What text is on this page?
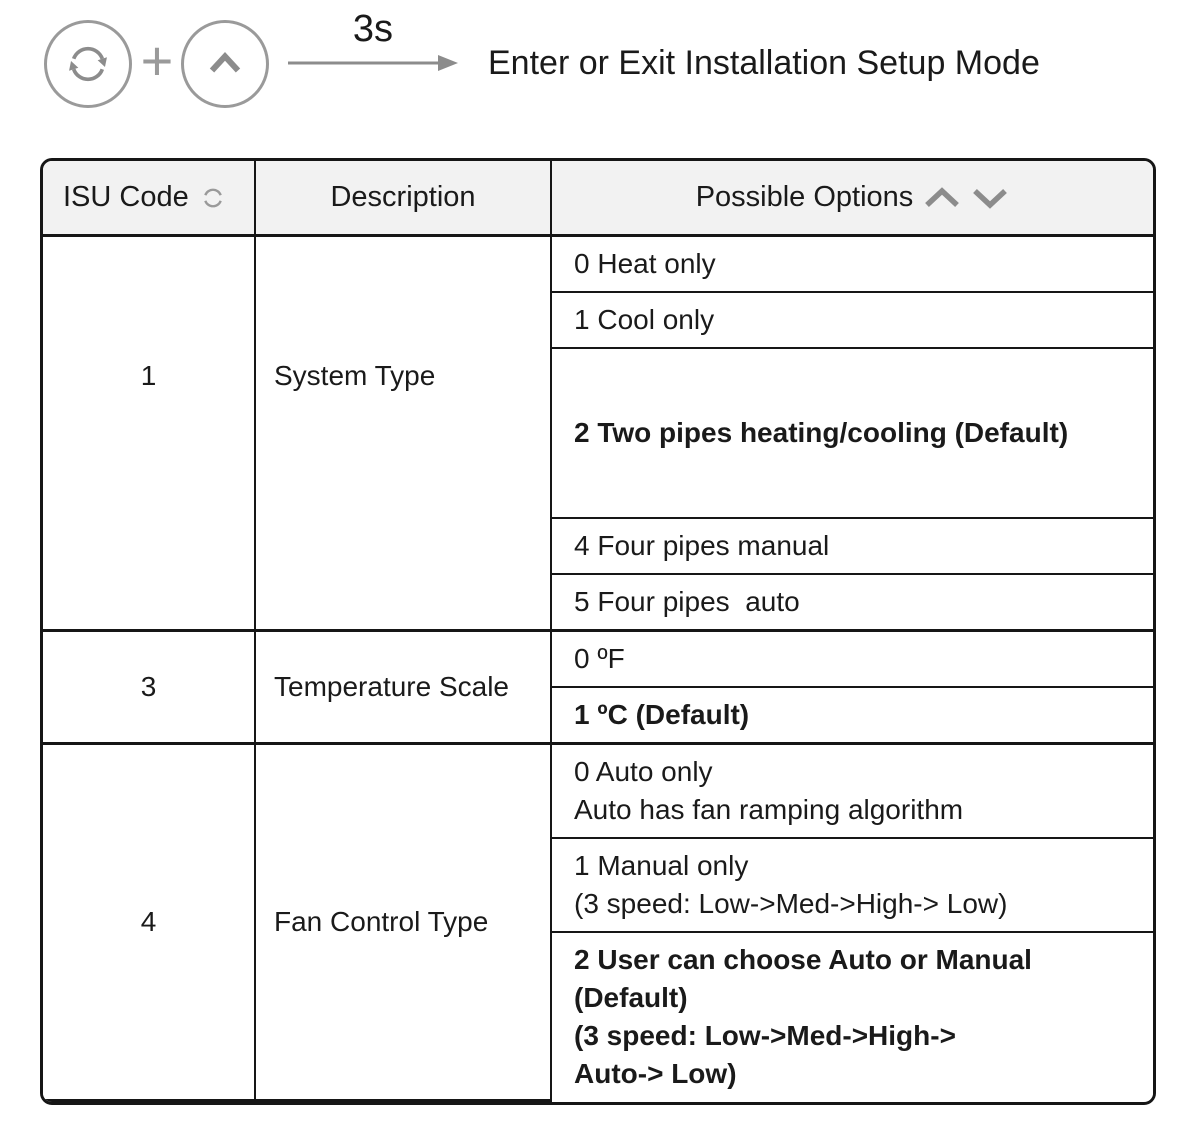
+	3s
Enter or Exit Installation Setup Mode
ISU Code	Description	Possible Options

1	System Type	0 Heat only

		1 Cool only

		2 Two pipes heating/cooling (Default)

		4 Four pipes manual

		5 Four pipes  auto

3	Temperature Scale	0 ºF

		1 ºC (Default)

4	Fan Control Type	0 Auto only
Auto has fan ramping algorithm

		1 Manual only
(3 speed: Low->Med->High-> Low)

		2 User can choose Auto or Manual
(Default)
(3 speed: Low->Med->High->
Auto-> Low)
